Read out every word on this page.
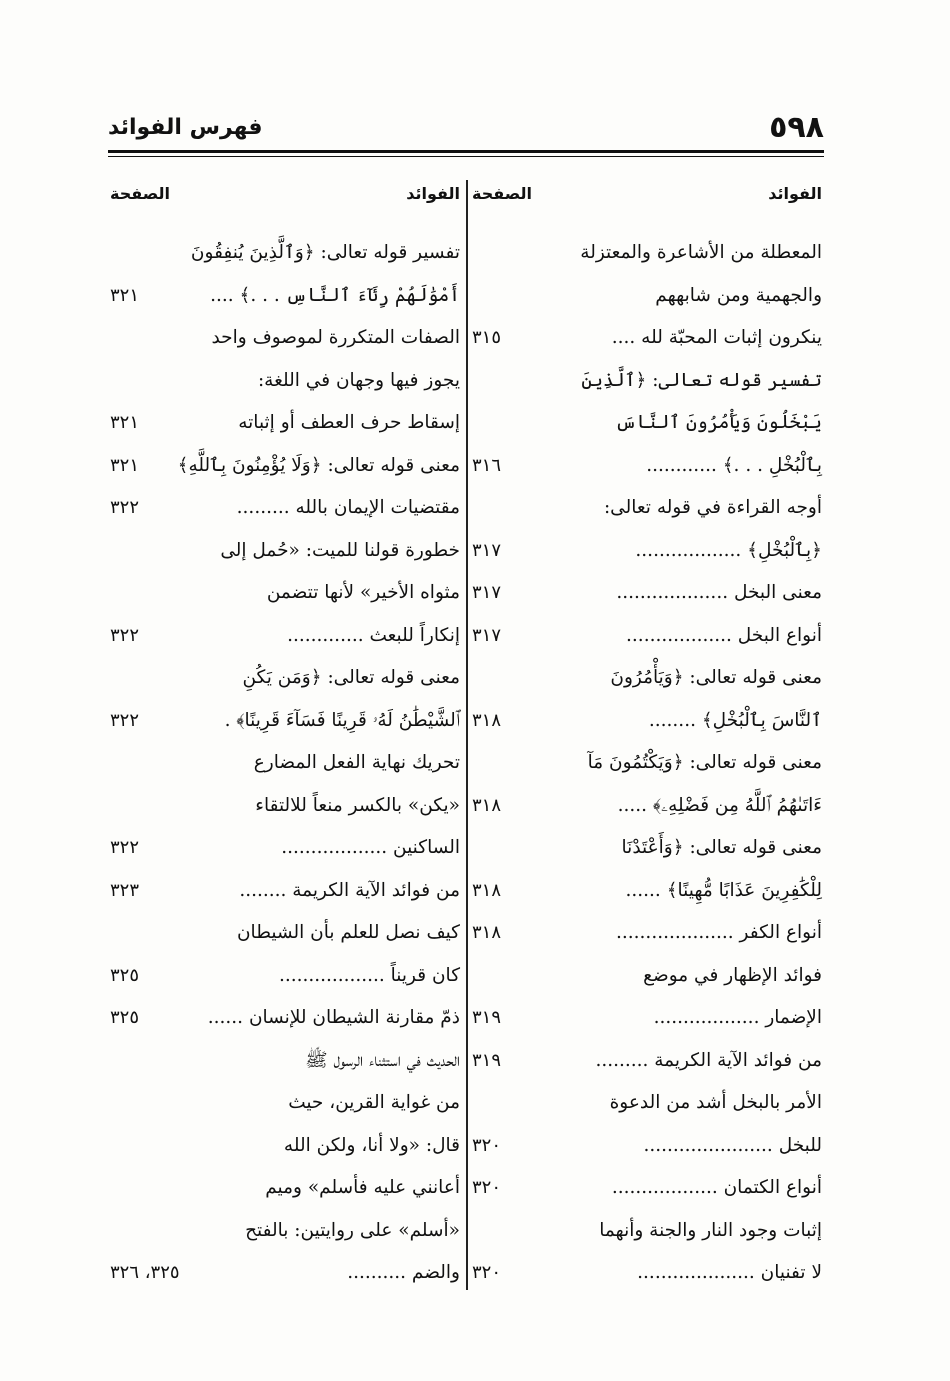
٥٩٨
فهرس الفوائد
الفوائد
الصفحة
المعطلة من الأشاعرة والمعتزلة
والجهمية ومن شابههم
ينكرون إثبات المحبّة لله ....
٣١٥
تفسير قوله تعالى: ﴿ٱلَّذِينَ
يَبْخَلُونَ وَيَأْمُرُونَ ٱلنَّاسَ
بِٱلْبُخْلِ . . .﴾ ............
٣١٦
أوجه القراءة في قوله تعالى:
﴿بِٱلْبُخْلِ﴾ ..................
٣١٧
معنى البخل ...................
٣١٧
أنواع البخل ..................
٣١٧
معنى قوله تعالى: ﴿وَيَأْمُرُونَ
ٱلنَّاسَ بِٱلْبُخْلِ﴾ ........
٣١٨
معنى قوله تعالى: ﴿وَيَكْتُمُونَ مَآ
ءَاتَىٰهُمُ ٱللَّهُ مِن فَضْلِهِۦ﴾ .....
٣١٨
معنى قوله تعالى: ﴿وَأَعْتَدْنَا
لِلْكَٰفِرِينَ عَذَابًا مُّهِينًا﴾ ......
٣١٨
أنواع الكفر ....................
٣١٨
فوائد الإظهار في موضع
الإضمار ..................
٣١٩
من فوائد الآية الكريمة .........
٣١٩
الأمر بالبخل أشد من الدعوة
للبخل ......................
٣٢٠
أنواع الكتمان ..................
٣٢٠
إثبات وجود النار والجنة وأنهما
لا تفنيان ....................
٣٢٠
الفوائد
الصفحة
تفسير قوله تعالى: ﴿وَٱلَّذِينَ يُنفِقُونَ
أَمْوَٰلَهُمْ رِئَآءَ ٱلنَّاسِ . . .﴾ ....
٣٢١
الصفات المتكررة لموصوف واحد
يجوز فيها وجهان في اللغة:
إسقاط حرف العطف أو إثباته
٣٢١
معنى قوله تعالى: ﴿وَلَا يُؤْمِنُونَ بِٱللَّهِ﴾
٣٢١
مقتضيات الإيمان بالله .........
٣٢٢
خطورة قولنا للميت: «حُمل إلى
مثواه الأخير» لأنها تتضمن
إنكاراً للبعث .............
٣٢٢
معنى قوله تعالى: ﴿وَمَن يَكُنِ
ٱلشَّيْطَٰنُ لَهُۥ قَرِينًا فَسَآءَ قَرِينًا﴾ .
٣٢٢
تحريك نهاية الفعل المضارع
«يكن» بالكسر منعاً للالتقاء
الساكنين ..................
٣٢٢
من فوائد الآية الكريمة ........
٣٢٣
كيف نصل للعلم بأن الشيطان
كان قريناً ..................
٣٢٥
ذمّ مقارنة الشيطان للإنسان ......
٣٢٥
الحديث في استثناء الرسول ﷺ
من غواية القرين، حيث
قال: «ولا أنا، ولكن الله
أعانني عليه فأسلم» وميم
«أسلم» على روايتين: بالفتح
والضم ..........
٣٢٥، ٣٢٦
